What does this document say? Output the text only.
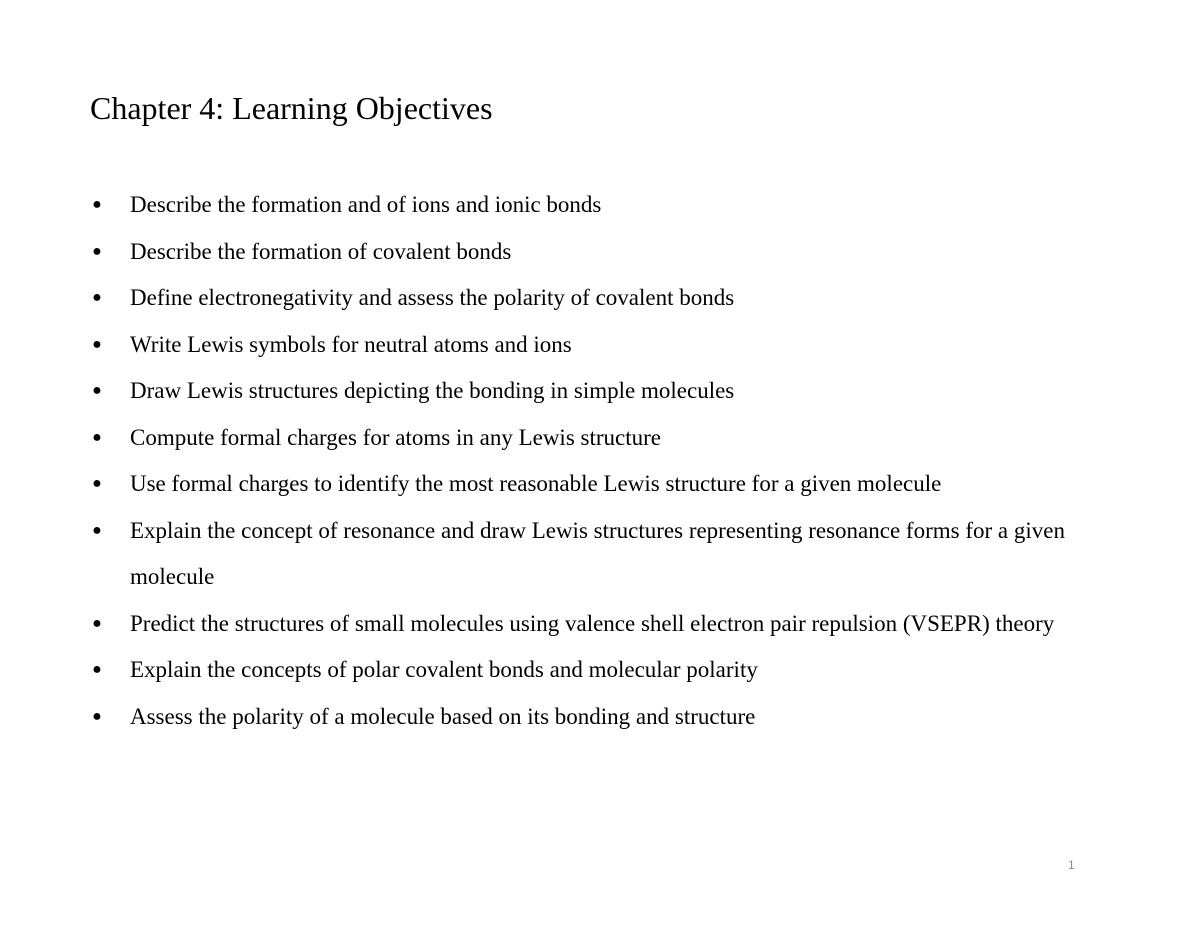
Chapter 4: Learning Objectives
● Describe the formation and of ions and ionic bonds
● Describe the formation of covalent bonds
● Define electronegativity and assess the polarity of covalent bonds
● Write Lewis symbols for neutral atoms and ions
● Draw Lewis structures depicting the bonding in simple molecules
● Compute formal charges for atoms in any Lewis structure
● Use formal charges to identify the most reasonable Lewis structure for a given molecule
● Explain the concept of resonance and draw Lewis structures representing resonance forms for a given molecule
● Predict the structures of small molecules using valence shell electron pair repulsion (VSEPR) theory
● Explain the concepts of polar covalent bonds and molecular polarity
● Assess the polarity of a molecule based on its bonding and structure
1
